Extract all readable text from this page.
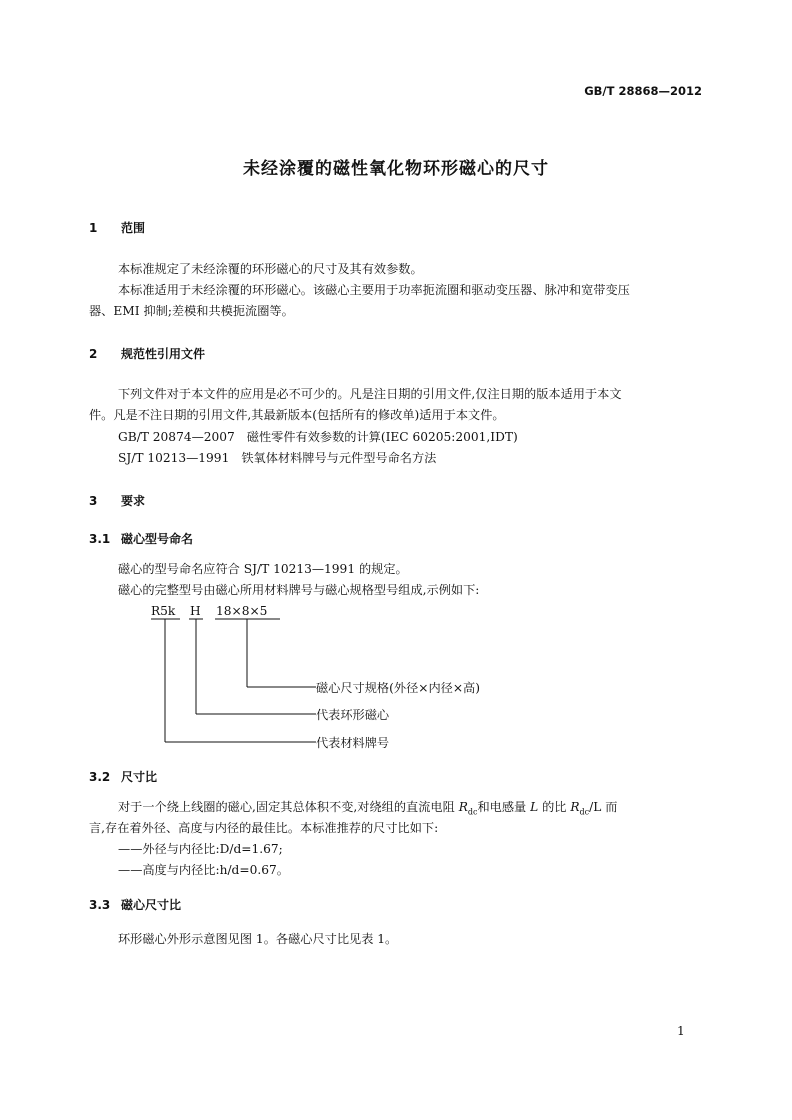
GB/T 28868—2012
未经涂覆的磁性氧化物环形磁心的尺寸
1 范围
本标准规定了未经涂覆的环形磁心的尺寸及其有效参数。
本标准适用于未经涂覆的环形磁心。该磁心主要用于功率扼流圈和驱动变压器、脉冲和宽带变压
器、EMI 抑制;差模和共模扼流圈等。
2 规范性引用文件
下列文件对于本文件的应用是必不可少的。凡是注日期的引用文件,仅注日期的版本适用于本文
件。凡是不注日期的引用文件,其最新版本(包括所有的修改单)适用于本文件。
GB/T 20874—2007 磁性零件有效参数的计算(IEC 60205:2001,IDT)
SJ/T 10213—1991 铁氧体材料牌号与元件型号命名方法
3 要求
3.1 磁心型号命名
磁心的型号命名应符合 SJ/T 10213—1991 的规定。
磁心的完整型号由磁心所用材料牌号与磁心规格型号组成,示例如下:
R5k H 18×8×5
磁心尺寸规格(外径×内径×高)
代表环形磁心
代表材料牌号
3.2 尺寸比
对于一个绕上线圈的磁心,固定其总体积不变,对绕组的直流电阻 $R_{dc}$和电感量 L 的比 $R_{dc}/L$ 而
言,存在着外径、高度与内径的最佳比。本标准推荐的尺寸比如下:
——外径与内径比:D/d=1.67;
——高度与内径比:h/d=0.67。
3.3 磁心尺寸比
环形磁心外形示意图见图 1。各磁心尺寸比见表 1。
1
